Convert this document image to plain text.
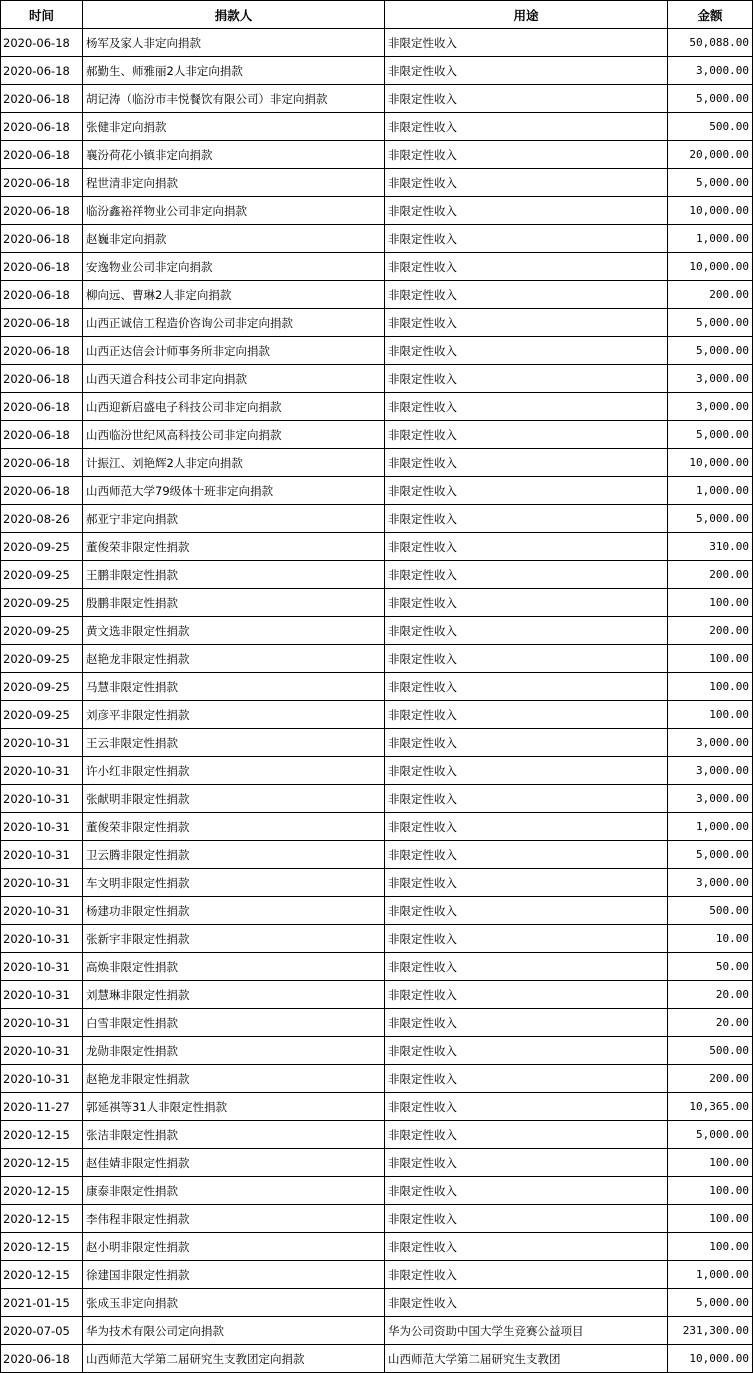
时间	捐款人	用途	金额
2020-06-18	杨军及家人非定向捐款	非限定性收入	50,088.00
2020-06-18	郝勤生、师雅丽2人非定向捐款	非限定性收入	3,000.00
2020-06-18	胡记涛（临汾市丰悦餐饮有限公司）非定向捐款	非限定性收入	5,000.00
2020-06-18	张健非定向捐款	非限定性收入	500.00
2020-06-18	襄汾荷花小镇非定向捐款	非限定性收入	20,000.00
2020-06-18	程世清非定向捐款	非限定性收入	5,000.00
2020-06-18	临汾鑫裕祥物业公司非定向捐款	非限定性收入	10,000.00
2020-06-18	赵巍非定向捐款	非限定性收入	1,000.00
2020-06-18	安逸物业公司非定向捐款	非限定性收入	10,000.00
2020-06-18	柳向远、曹琳2人非定向捐款	非限定性收入	200.00
2020-06-18	山西正诚信工程造价咨询公司非定向捐款	非限定性收入	5,000.00
2020-06-18	山西正达信会计师事务所非定向捐款	非限定性收入	5,000.00
2020-06-18	山西天道合科技公司非定向捐款	非限定性收入	3,000.00
2020-06-18	山西迎新启盛电子科技公司非定向捐款	非限定性收入	3,000.00
2020-06-18	山西临汾世纪风高科技公司非定向捐款	非限定性收入	5,000.00
2020-06-18	计振江、刘艳辉2人非定向捐款	非限定性收入	10,000.00
2020-06-18	山西师范大学79级体十班非定向捐款	非限定性收入	1,000.00
2020-08-26	郝亚宁非定向捐款	非限定性收入	5,000.00
2020-09-25	董俊荣非限定性捐款	非限定性收入	310.00
2020-09-25	王鹏非限定性捐款	非限定性收入	200.00
2020-09-25	殷鹏非限定性捐款	非限定性收入	100.00
2020-09-25	黄文选非限定性捐款	非限定性收入	200.00
2020-09-25	赵艳龙非限定性捐款	非限定性收入	100.00
2020-09-25	马慧非限定性捐款	非限定性收入	100.00
2020-09-25	刘彦平非限定性捐款	非限定性收入	100.00
2020-10-31	王云非限定性捐款	非限定性收入	3,000.00
2020-10-31	许小红非限定性捐款	非限定性收入	3,000.00
2020-10-31	张献明非限定性捐款	非限定性收入	3,000.00
2020-10-31	董俊荣非限定性捐款	非限定性收入	1,000.00
2020-10-31	卫云腾非限定性捐款	非限定性收入	5,000.00
2020-10-31	车文明非限定性捐款	非限定性收入	3,000.00
2020-10-31	杨建功非限定性捐款	非限定性收入	500.00
2020-10-31	张新宇非限定性捐款	非限定性收入	10.00
2020-10-31	高焕非限定性捐款	非限定性收入	50.00
2020-10-31	刘慧琳非限定性捐款	非限定性收入	20.00
2020-10-31	白雪非限定性捐款	非限定性收入	20.00
2020-10-31	龙勋非限定性捐款	非限定性收入	500.00
2020-10-31	赵艳龙非限定性捐款	非限定性收入	200.00
2020-11-27	郭延祺等31人非限定性捐款	非限定性收入	10,365.00
2020-12-15	张洁非限定性捐款	非限定性收入	5,000.00
2020-12-15	赵佳婧非限定性捐款	非限定性收入	100.00
2020-12-15	康泰非限定性捐款	非限定性收入	100.00
2020-12-15	李伟程非限定性捐款	非限定性收入	100.00
2020-12-15	赵小明非限定性捐款	非限定性收入	100.00
2020-12-15	徐建国非限定性捐款	非限定性收入	1,000.00
2021-01-15	张成玉非定向捐款	非限定性收入	5,000.00
2020-07-05	华为技术有限公司定向捐款	华为公司资助中国大学生竞赛公益项目	231,300.00
2020-06-18	山西师范大学第二届研究生支教团定向捐款	山西师范大学第二届研究生支教团	10,000.00
